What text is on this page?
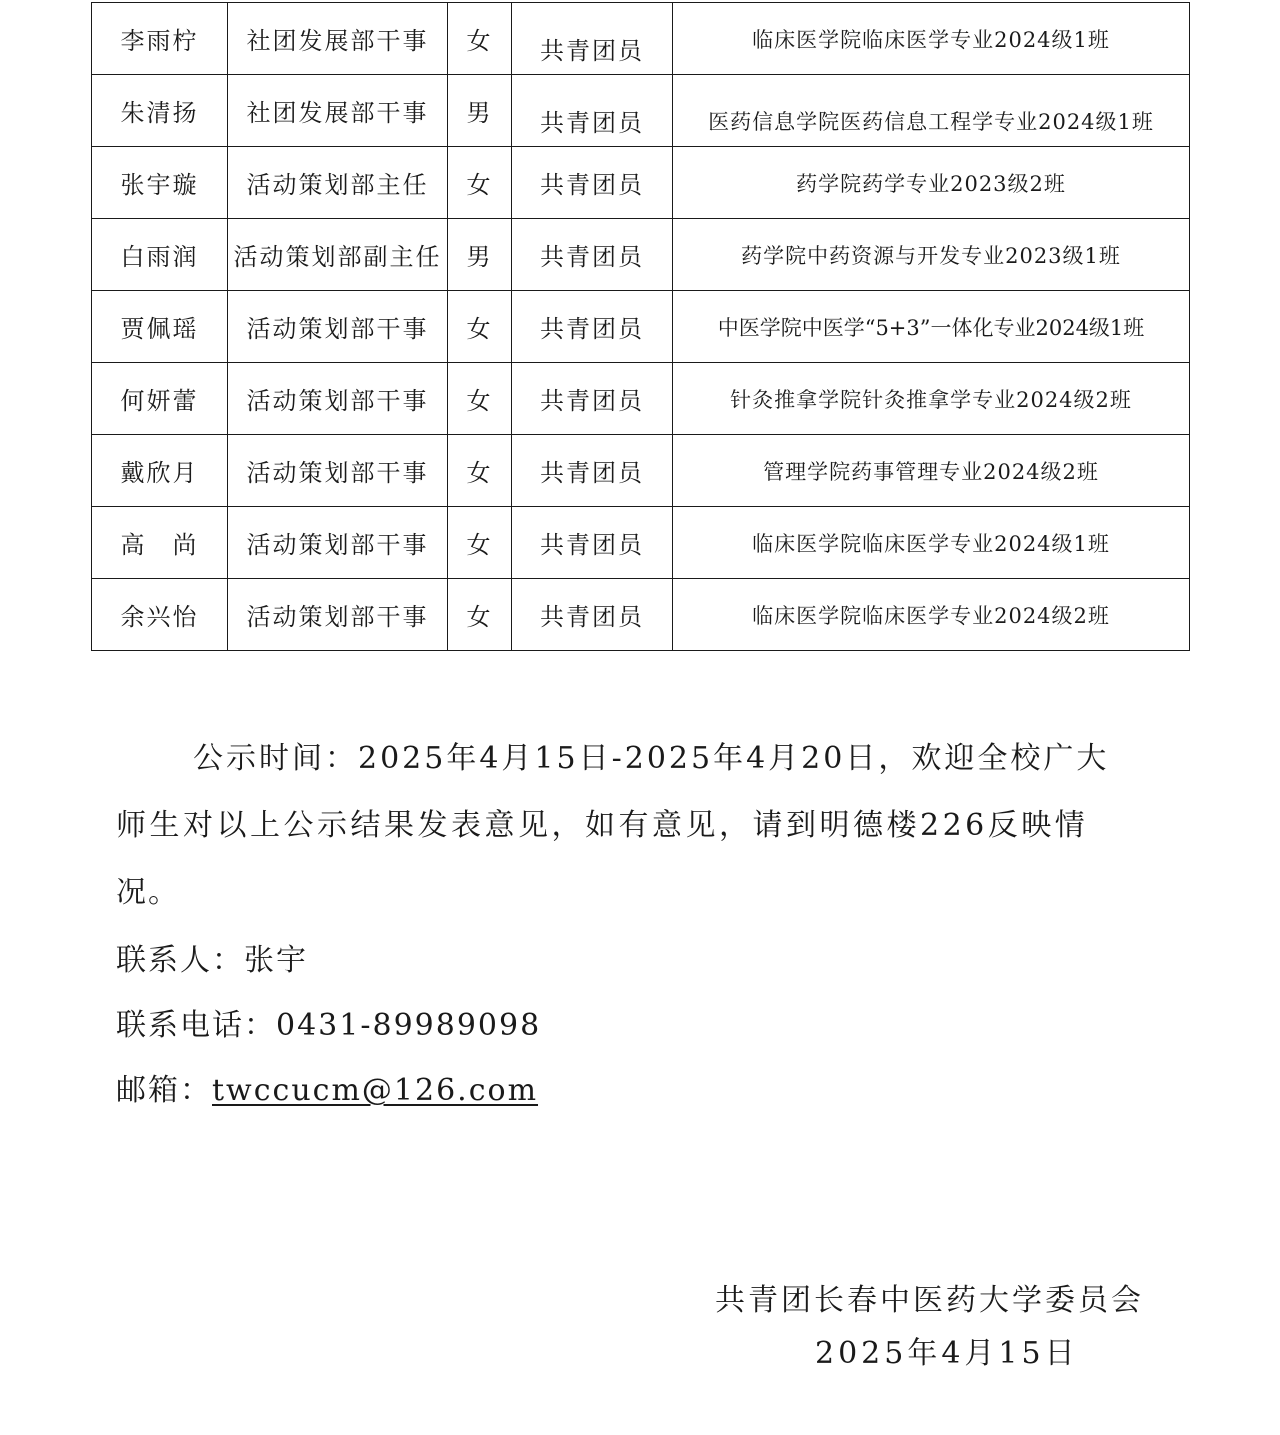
李雨柠	社团发展部干事	女	共青团员	临床医学院临床医学专业2024级1班
朱清扬	社团发展部干事	男	共青团员	医药信息学院医药信息工程学专业2024级1班
张宇璇	活动策划部主任	女	共青团员	药学院药学专业2023级2班
白雨润	活动策划部副主任	男	共青团员	药学院中药资源与开发专业2023级1班
贾佩瑶	活动策划部干事	女	共青团员	中医学院中医学“5+3”一体化专业2024级1班
何妍蕾	活动策划部干事	女	共青团员	针灸推拿学院针灸推拿学专业2024级2班
戴欣月	活动策划部干事	女	共青团员	管理学院药事管理专业2024级2班
高　尚	活动策划部干事	女	共青团员	临床医学院临床医学专业2024级1班
余兴怡	活动策划部干事	女	共青团员	临床医学院临床医学专业2024级2班

公示时间：2025年4月15日-2025年4月20日，欢迎全校广大

师生对以上公示结果发表意见，如有意见，请到明德楼226反映情

况。

联系人：张宇

联系电话：0431-89989098

邮箱：twccucm@126.com

共青团长春中医药大学委员会
2025年4月15日
